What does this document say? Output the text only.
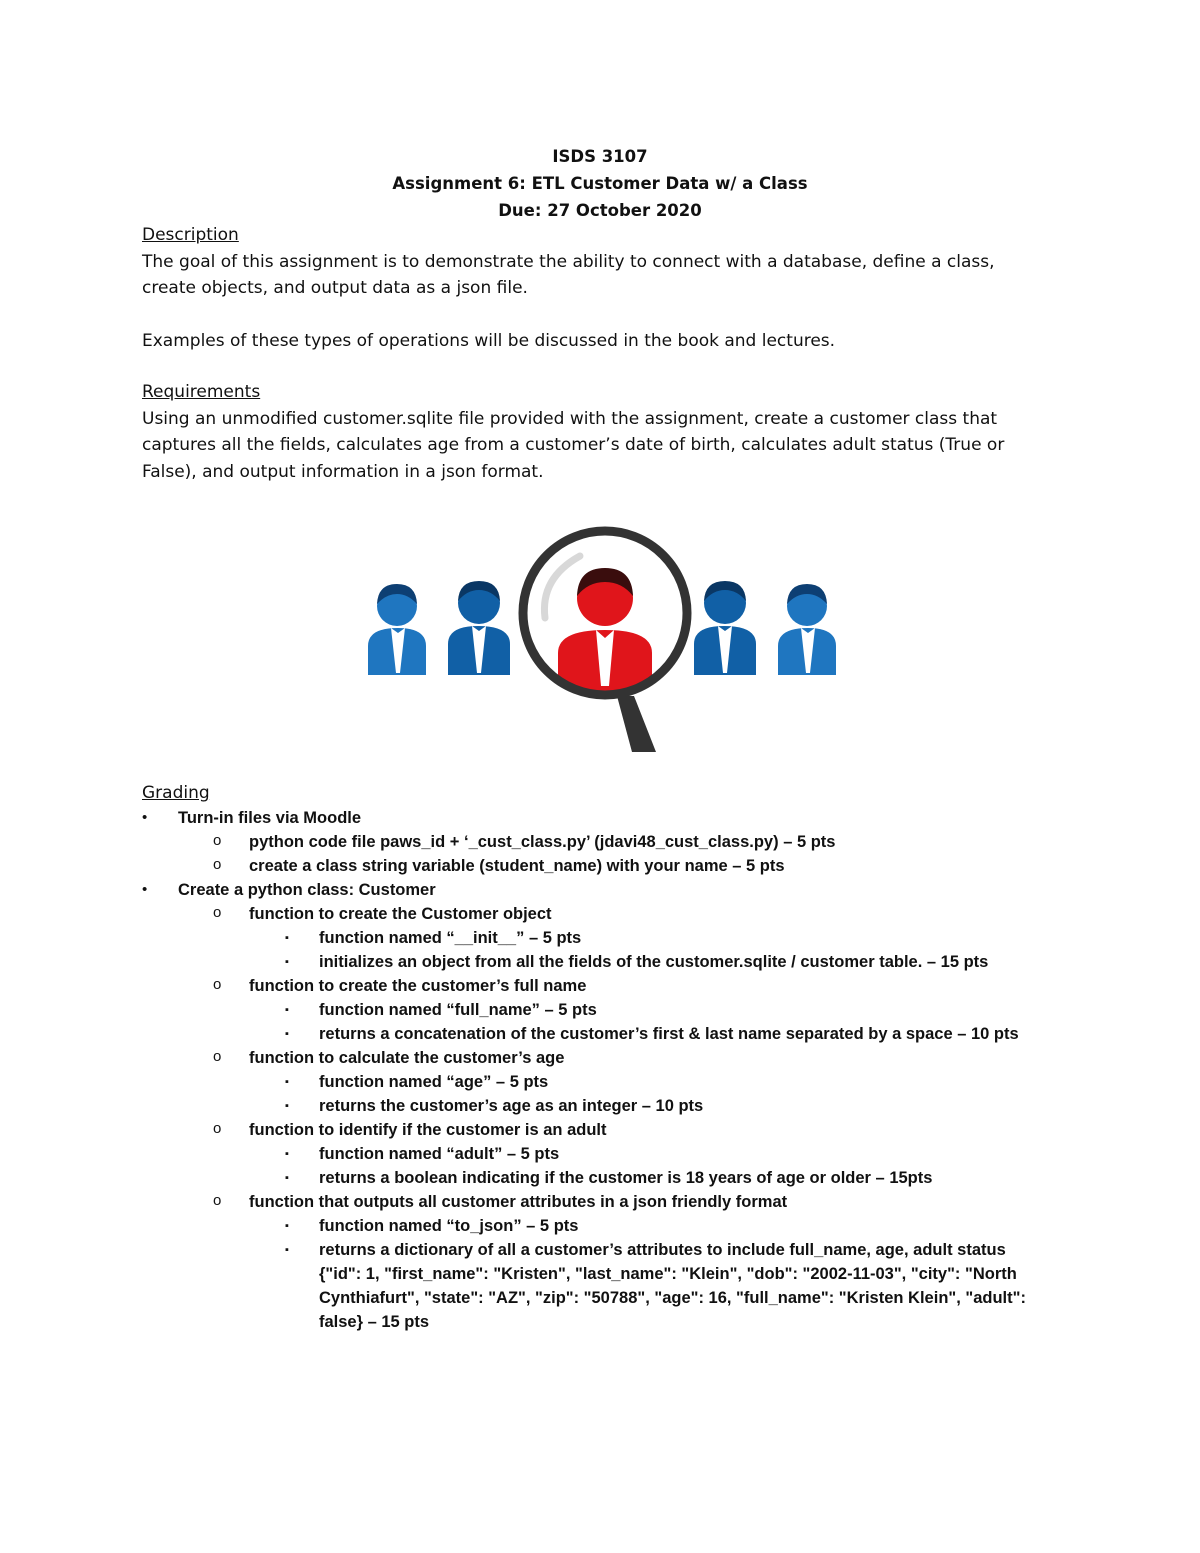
ISDS 3107
Assignment 6: ETL Customer Data w/ a Class
Due: 27 October 2020
Description

The goal of this assignment is to demonstrate the ability to connect with a database, define a class, create objects, and output data as a json file.

Examples of these types of operations will be discussed in the book and lectures.

Requirements

Using an unmodified customer.sqlite file provided with the assignment, create a customer class that captures all the fields, calculates age from a customer’s date of birth, calculates adult status (True or False), and output information in a json format.

Grading
• Turn-in files via Moodle
o python code file paws_id + ‘_cust_class.py’ (jdavi48_cust_class.py) – 5 pts
o create a class string variable (student_name) with your name – 5 pts
• Create a python class: Customer
o function to create the Customer object
▪ function named “__init__” – 5 pts
▪ initializes an object from all the fields of the customer.sqlite / customer table. – 15 pts
o function to create the customer’s full name
▪ function named “full_name” – 5 pts
▪ returns a concatenation of the customer’s first & last name separated by a space – 10 pts
o function to calculate the customer’s age
▪ function named “age” – 5 pts
▪ returns the customer’s age as an integer – 10 pts
o function to identify if the customer is an adult
▪ function named “adult” – 5 pts
▪ returns a boolean indicating if the customer is 18 years of age or older – 15pts
o function that outputs all customer attributes in a json friendly format
▪ function named “to_json” – 5 pts
▪ returns a dictionary of all a customer’s attributes to include full_name, age, adult status {"id": 1, "first_name": "Kristen", "last_name": "Klein", "dob": "2002-11-03", "city": "North Cynthiafurt", "state": "AZ", "zip": "50788", "age": 16, "full_name": "Kristen Klein", "adult": false} – 15 pts
